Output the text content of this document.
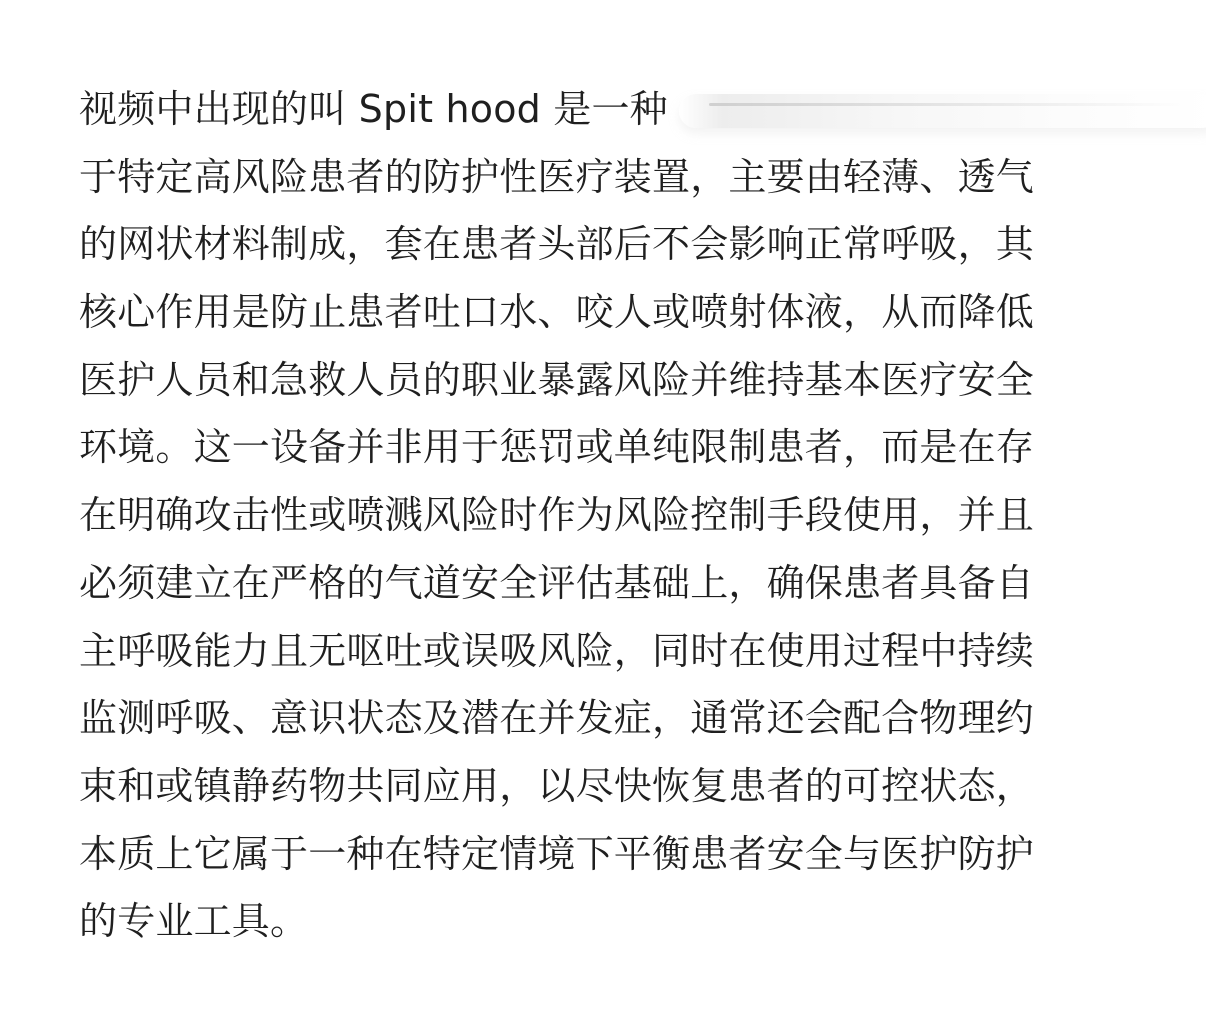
视频中出现的叫 Spit hood 是一种
于特定高风险患者的防护性医疗装置，主要由轻薄、透气
的网状材料制成，套在患者头部后不会影响正常呼吸，其
核心作用是防止患者吐口水、咬人或喷射体液，从而降低
医护人员和急救人员的职业暴露风险并维持基本医疗安全
环境。这一设备并非用于惩罚或单纯限制患者，而是在存
在明确攻击性或喷溅风险时作为风险控制手段使用，并且
必须建立在严格的气道安全评估基础上，确保患者具备自
主呼吸能力且无呕吐或误吸风险，同时在使用过程中持续
监测呼吸、意识状态及潜在并发症，通常还会配合物理约
束和或镇静药物共同应用，以尽快恢复患者的可控状态，
本质上它属于一种在特定情境下平衡患者安全与医护防护
的专业工具。
